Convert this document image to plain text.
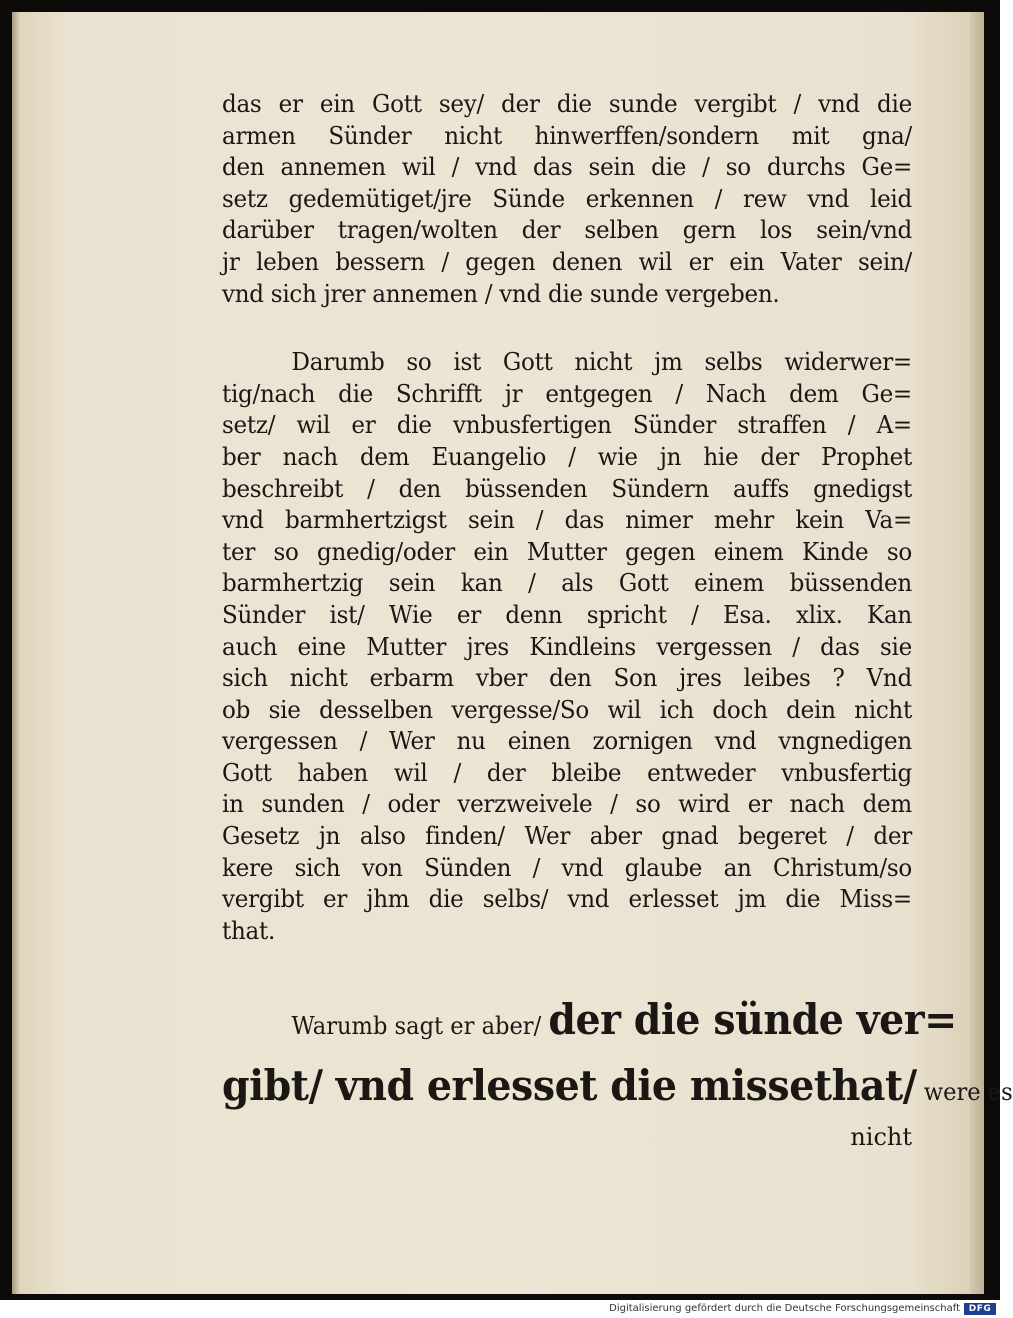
das er ein Gott sey/ der die sunde vergibt / vnd die
armen Sünder nicht hinwerffen/sondern mit gna/
den annemen wil / vnd das sein die / so durchs Ge=
setz gedemütiget/jre Sünde erkennen / rew vnd leid
darüber tragen/wolten der selben gern los sein/vnd
jr leben bessern / gegen denen wil er ein Vater sein/
vnd sich jrer annemen / vnd die sunde vergeben.
Darumb so ist Gott nicht jm selbs widerwer=
tig/nach die Schrifft jr entgegen / Nach dem Ge=
setz/ wil er die vnbusfertigen Sünder straffen / A=
ber nach dem Euangelio / wie jn hie der Prophet
beschreibt / den büssenden Sündern auffs gnedigst
vnd barmhertzigst sein / das nimer mehr kein Va=
ter so gnedig/oder ein Mutter gegen einem Kinde so
barmhertzig sein kan / als Gott einem büssenden
Sünder ist/ Wie er denn spricht / Esa. xlix. Kan
auch eine Mutter jres Kindleins vergessen / das sie
sich nicht erbarm vber den Son jres leibes ? Vnd
ob sie desselben vergesse/So wil ich doch dein nicht
vergessen / Wer nu einen zornigen vnd vngnedigen
Gott haben wil / der bleibe entweder vnbusfertig
in sunden / oder verzweivele / so wird er nach dem
Gesetz jn also finden/ Wer aber gnad begeret / der
kere sich von Sünden / vnd glaube an Christum/so
vergibt er jhm die selbs/ vnd erlesset jm die Miss=
that.
Warumb sagt er aber/ der die sünde ver=
gibt/ vnd erlesset die missethat/ were es
nicht
Digitalisierung gefördert durch die Deutsche Forschungsgemeinschaft DFG
